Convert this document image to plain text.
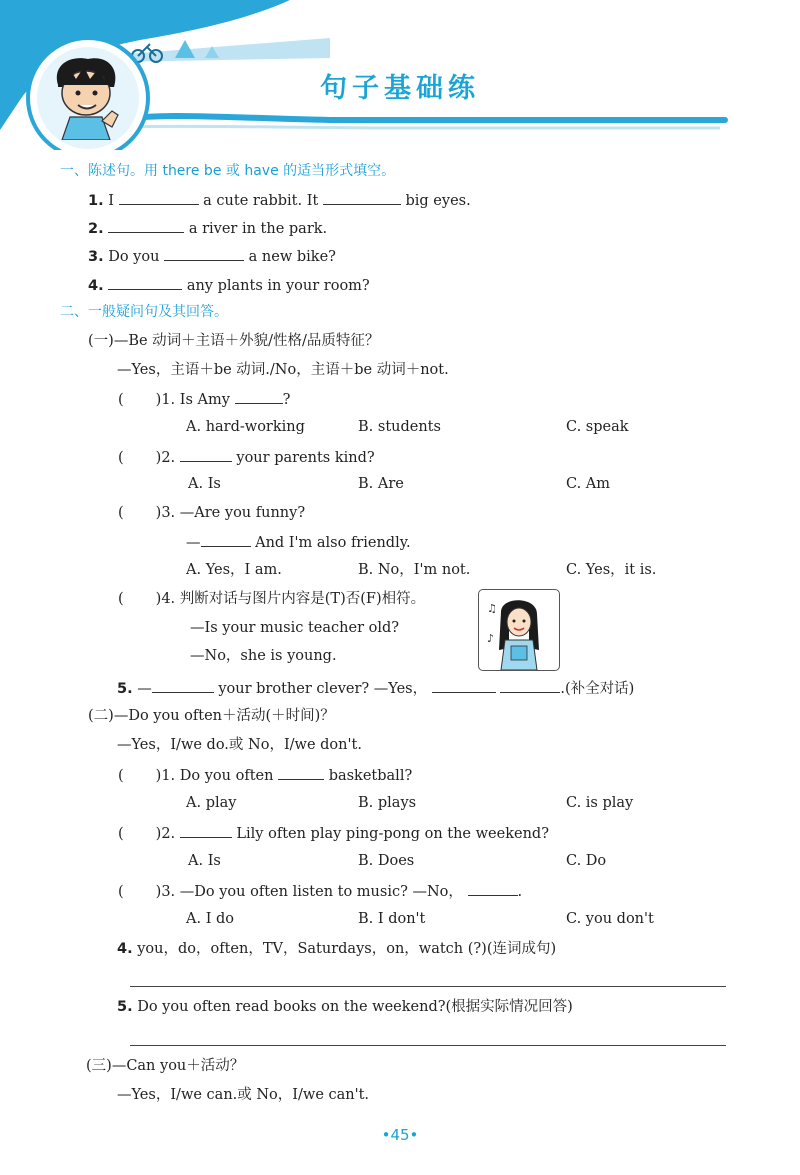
句子基础练
一、陈述句。用 there be 或 have 的适当形式填空。
1. I	a cute rabbit. It	big eyes.
2.	a river in the park.
3. Do you	a new bike?
4.	any plants in your room?
二、一般疑问句及其回答。
(一)—Be 动词＋主语＋外貌/性格/品质特征？
—Yes，主语＋be 动词./No，主语＋be 动词＋not.
( )1. Is Amy	?
A. hard-working	B. students	C. speak
( )2.	your parents kind?
A. Is	B. Are	C. Am
( )3. —Are you funny?
—	And I'm also friendly.
A. Yes，I am.	B. No，I'm not.	C. Yes，it is.
( )4. 判断对话与图片内容是(T)否(F)相符。
—Is your music teacher old?
—No，she is young.
♫
♪
5. —	your brother clever? —Yes，	.(补全对话)
(二)—Do you often＋活动(＋时间)？
—Yes，I/we do.或 No，I/we don't.
( )1. Do you often	basketball?
A. play	B. plays	C. is play
( )2.	Lily often play ping-pong on the weekend?
A. Is	B. Does	C. Do
( )3. —Do you often listen to music? —No，	.
A. I do	B. I don't	C. you don't
4. you，do，often，TV，Saturdays，on，watch (?)(连词成句)
5. Do you often read books on the weekend?(根据实际情况回答)
(三)—Can you＋活动？
—Yes，I/we can.或 No，I/we can't.
•45•
